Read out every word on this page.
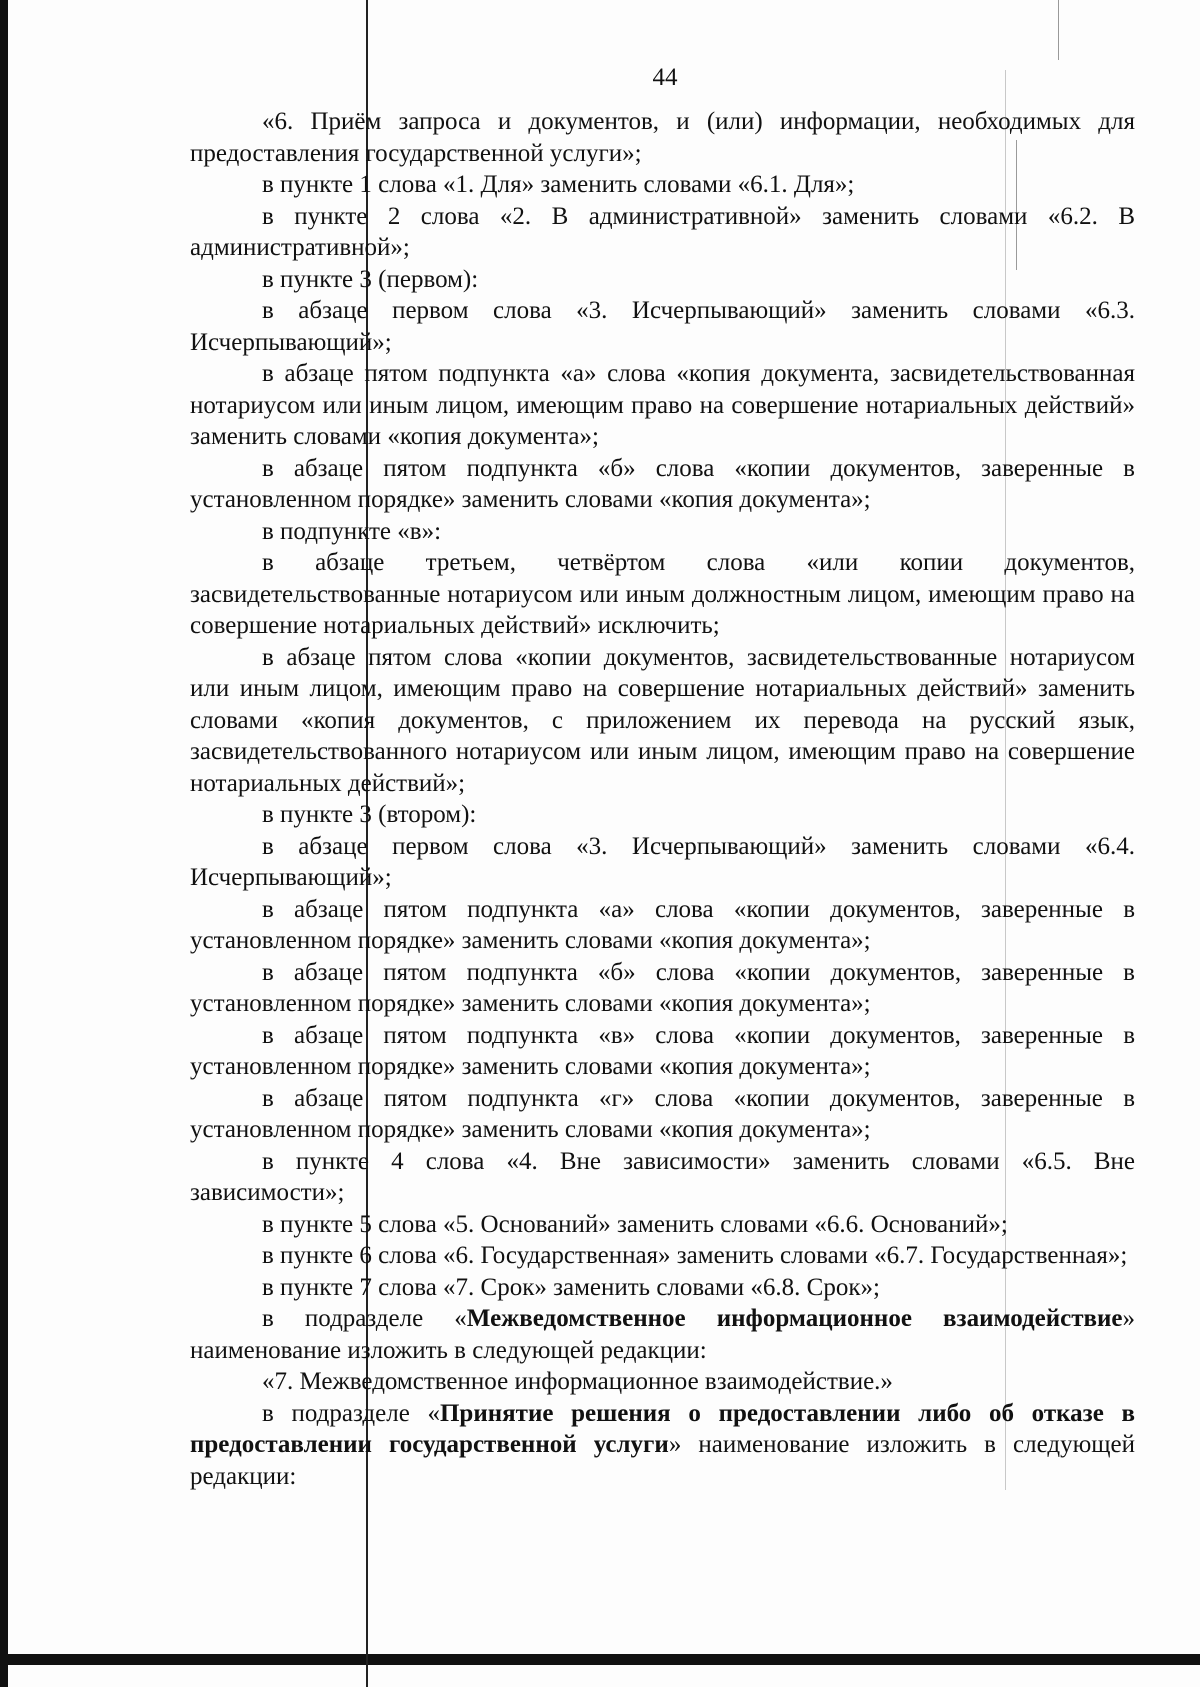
44

«6. Приём запроса и документов, и (или) информации, необходимых для предоставления государственной услуги»;

в пункте 1 слова «1. Для» заменить словами «6.1. Для»;

в пункте 2 слова «2. В административной» заменить словами «6.2. В административной»;

в пункте 3 (первом):

в абзаце первом слова «3. Исчерпывающий» заменить словами «6.3. Исчерпывающий»;

в абзаце пятом подпункта «а» слова «копия документа, засвидетельствованная нотариусом или иным лицом, имеющим право на совершение нотариальных действий» заменить словами «копия документа»;

в абзаце пятом подпункта «б» слова «копии документов, заверенные в установленном порядке» заменить словами «копия документа»;

в подпункте «в»:

в абзаце третьем, четвёртом слова «или копии документов, засвидетельствованные нотариусом или иным должностным лицом, имеющим право на совершение нотариальных действий» исключить;

в абзаце пятом слова «копии документов, засвидетельствованные нотариусом или иным лицом, имеющим право на совершение нотариальных действий» заменить словами «копия документов, с приложением их перевода на русский язык, засвидетельствованного нотариусом или иным лицом, имеющим право на совершение нотариальных действий»;

в пункте 3 (втором):

в абзаце первом слова «3. Исчерпывающий» заменить словами «6.4. Исчерпывающий»;

в абзаце пятом подпункта «а» слова «копии документов, заверенные в установленном порядке» заменить словами «копия документа»;

в абзаце пятом подпункта «б» слова «копии документов, заверенные в установленном порядке» заменить словами «копия документа»;

в абзаце пятом подпункта «в» слова «копии документов, заверенные в установленном порядке» заменить словами «копия документа»;

в абзаце пятом подпункта «г» слова «копии документов, заверенные в установленном порядке» заменить словами «копия документа»;

в пункте 4 слова «4. Вне зависимости» заменить словами «6.5. Вне зависимости»;

в пункте 5 слова «5. Оснований» заменить словами «6.6. Оснований»;

в пункте 6 слова «6. Государственная» заменить словами «6.7. Государственная»;

в пункте 7 слова «7. Срок» заменить словами «6.8. Срок»;

в подразделе «Межведомственное информационное взаимодействие» наименование изложить в следующей редакции:

«7. Межведомственное информационное взаимодействие.»

в подразделе «Принятие решения о предоставлении либо об отказе в предоставлении государственной услуги» наименование изложить в следующей редакции:
